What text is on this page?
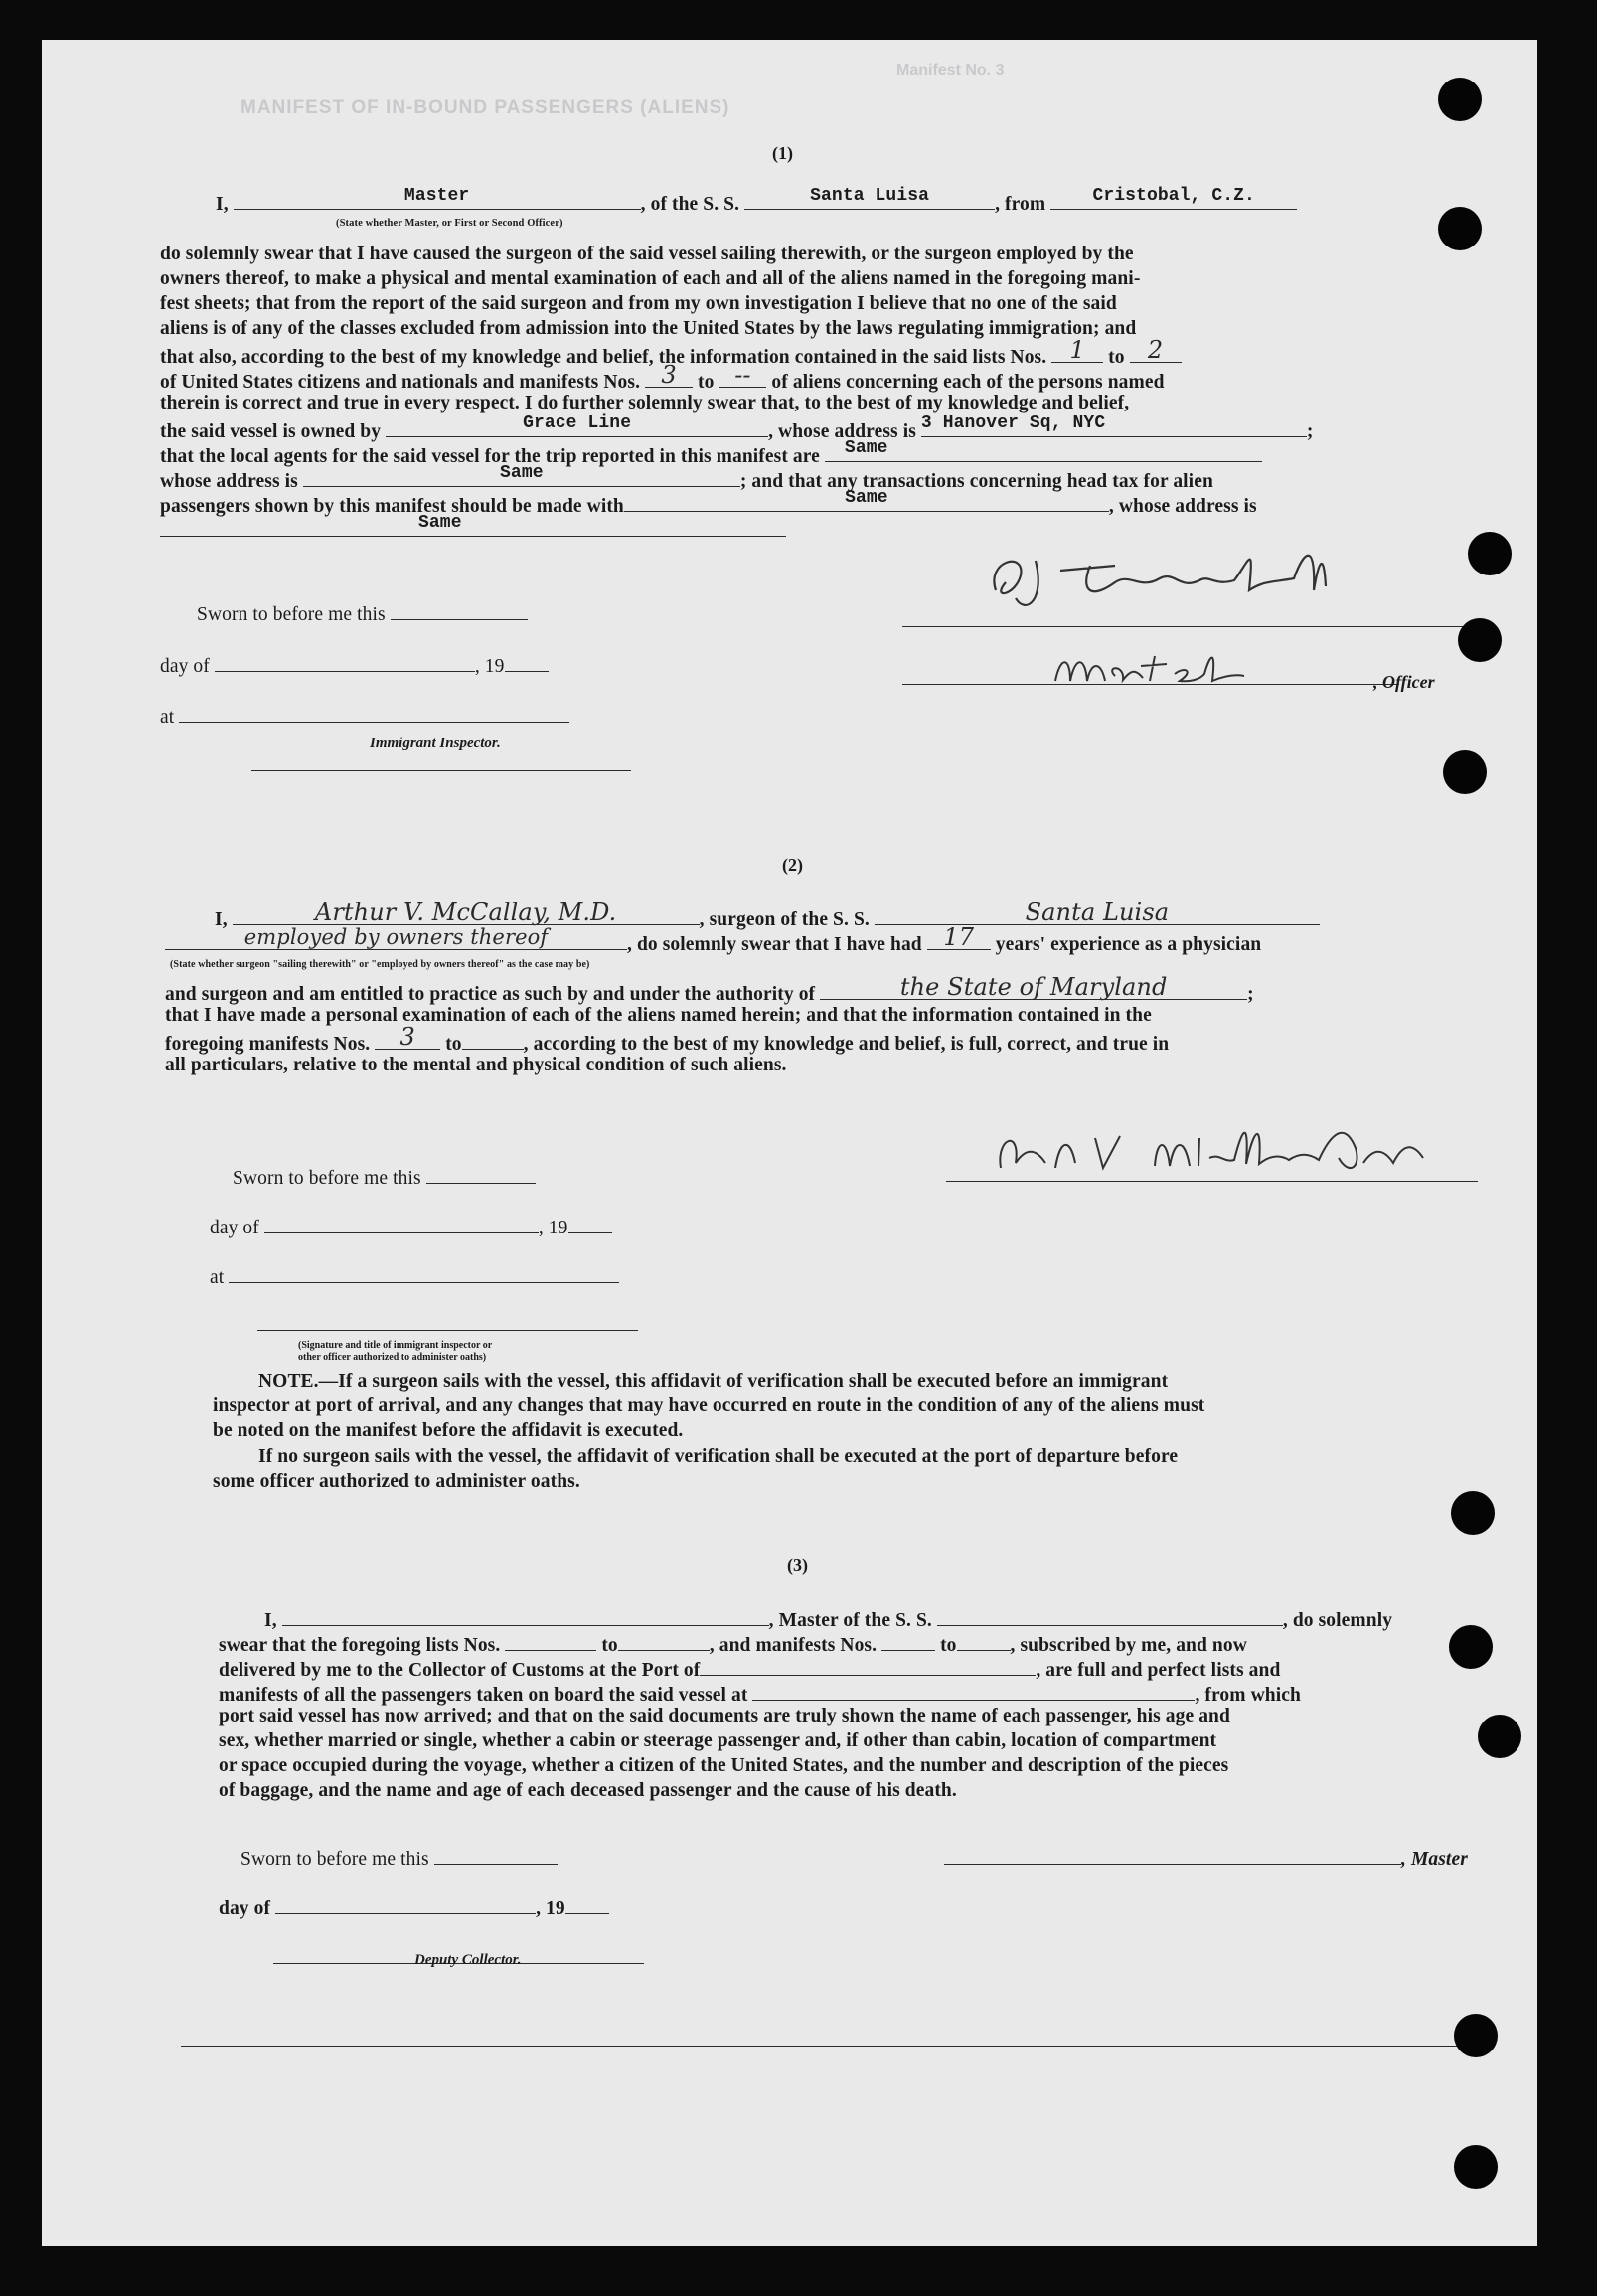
Manifest No. 3
MANIFEST OF IN-BOUND PASSENGERS (ALIENS)
(1)
I,	Master	, of the S. S.	Santa Luisa	, from	Cristobal, C.Z.
(State whether Master, or First or Second Officer)
do solemnly swear that I have caused the surgeon of the said vessel sailing therewith, or the surgeon employed by the
owners thereof, to make a physical and mental examination of each and all of the aliens named in the foregoing mani-
fest sheets; that from the report of the said surgeon and from my own investigation I believe that no one of the said
aliens is of any of the classes excluded from admission into the United States by the laws regulating immigration; and
that also, according to the best of my knowledge and belief, the information contained in the said lists Nos. 1 to 2
of United States citizens and nationals and manifests Nos. 3 to --	of aliens concerning each of the persons named
therein is correct and true in every respect. I do further solemnly swear that, to the best of my knowledge and belief,
the said vessel is owned by	Grace Line	, whose address is 3 Hanover Sq, NYC	;
that the local agents for the said vessel for the trip reported in this manifest are	Same
whose address is	Same	; and that any transactions concerning head tax for alien
passengers shown by this manifest should be made with	Same	, whose address is
Same
Sworn to before me this
day of	, 19
at
Immigrant Inspector.
, Officer
(2)
I,	Arthur V. McCallay, M.D.	, surgeon of the S. S.	Santa Luisa
employed by owners thereof	, do solemnly swear that I have had 17	years' experience as a physician
(State whether surgeon "sailing therewith" or "employed by owners thereof" as the case may be)
and surgeon and am entitled to practice as such by and under the authority of	the State of Maryland	;
that I have made a personal examination of each of the aliens named herein; and that the information contained in the
foregoing manifests Nos.	3	to	, according to the best of my knowledge and belief, is full, correct, and true in
all particulars, relative to the mental and physical condition of such aliens.
Sworn to before me this
day of	, 19
at
(Signature and title of immigrant inspector or
other officer authorized to administer oaths)
NOTE.—If a surgeon sails with the vessel, this affidavit of verification shall be executed before an immigrant
inspector at port of arrival, and any changes that may have occurred en route in the condition of any of the aliens must
be noted on the manifest before the affidavit is executed.
If no surgeon sails with the vessel, the affidavit of verification shall be executed at the port of departure before
some officer authorized to administer oaths.
(3)
I,	, Master of the S. S.	, do solemnly
swear that the foregoing lists Nos.	to	, and manifests Nos.	to	, subscribed by me, and now
delivered by me to the Collector of Customs at the Port of	, are full and perfect lists and
manifests of all the passengers taken on board the said vessel at	, from which
port said vessel has now arrived; and that on the said documents are truly shown the name of each passenger, his age and
sex, whether married or single, whether a cabin or steerage passenger and, if other than cabin, location of compartment
or space occupied during the voyage, whether a citizen of the United States, and the number and description of the pieces
of baggage, and the name and age of each deceased passenger and the cause of his death.
Sworn to before me this	, Master
day of	, 19
Deputy Collector.
